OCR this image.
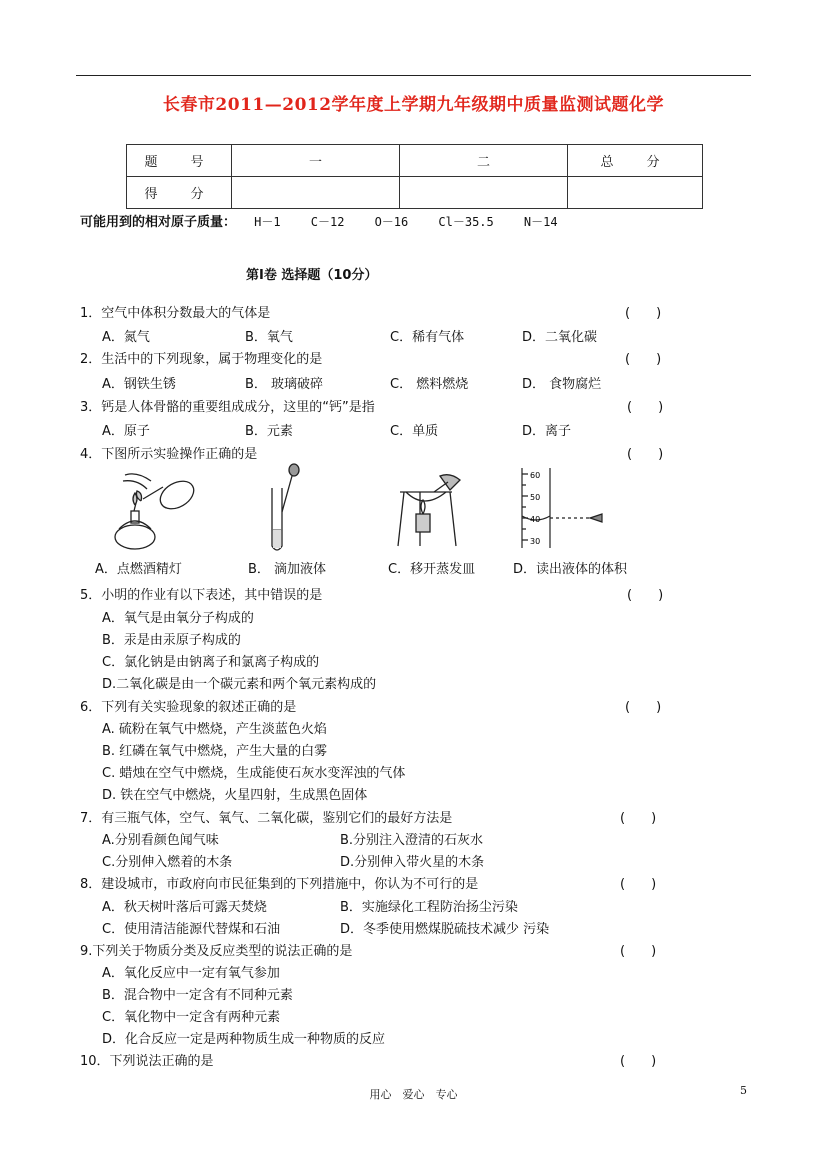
长春市2011—2012学年度上学期九年级期中质量监测试题化学
题　号	一	二	总　分
得　分			
可能用到的相对原子质量： H－1	C－12	O－16	Cl－35.5	N－14
第Ⅰ卷 选择题（10分）
1．空气中体积分数最大的气体是	(　　)
A．氮气	B．氧气	C．稀有气体	D．二氧化碳
2．生活中的下列现象，属于物理变化的是	(　　)
A．钢铁生锈	B． 玻璃破碎	C． 燃料燃烧	D． 食物腐烂
3．钙是人体骨骼的重要组成成分，这里的“钙”是指	(　　)
A．原子	B．元素	C．单质	D．离子
4．下图所示实验操作正确的是	(　　)
60
50
40
30
A．点燃酒精灯	B． 滴加液体	C．移开蒸发皿	D．读出液体的体积
5．小明的作业有以下表述，其中错误的是	(　　)
A．氧气是由氧分子构成的
B．汞是由汞原子构成的
C．氯化钠是由钠离子和氯离子构成的
D.二氧化碳是由一个碳元素和两个氧元素构成的
6．下列有关实验现象的叙述正确的是	(　　)
A. 硫粉在氧气中燃烧，产生淡蓝色火焰
B. 红磷在氧气中燃烧，产生大量的白雾
C. 蜡烛在空气中燃烧，生成能使石灰水变浑浊的气体
D. 铁在空气中燃烧，火星四射，生成黑色固体
7．有三瓶气体，空气、氧气、二氧化碳，鉴别它们的最好方法是	(　　)
A.分别看颜色闻气味	B.分别注入澄清的石灰水
C.分别伸入燃着的木条	D.分别伸入带火星的木条
8．建设城市，市政府向市民征集到的下列措施中，你认为不可行的是	(　　)
A．秋天树叶落后可露天焚烧	B．实施绿化工程防治扬尘污染
C．使用清洁能源代替煤和石油	D．冬季使用燃煤脱硫技术减少 污染
9.下列关于物质分类及反应类型的说法正确的是	(　　)
A．氧化反应中一定有氧气参加
B．混合物中一定含有不同种元素
C．氧化物中一定含有两种元素
D．化合反应一定是两种物质生成一种物质的反应
10．下列说法正确的是	(　　)
用心　爱心　专心	5
